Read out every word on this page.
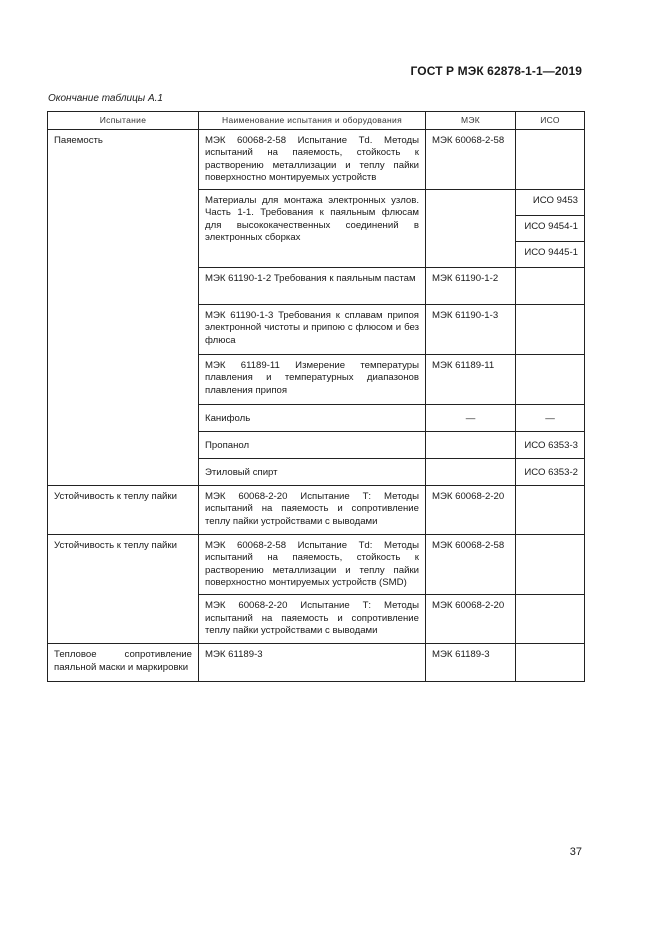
ГОСТ Р МЭК 62878-1-1—2019
Окончание таблицы А.1
Испытание	Наименование испытания и оборудования	МЭК	ИСО

Паяемость	МЭК 60068-2-58 Испытание Td. Методы испытаний на паяемость, стойкость к растворению металлизации и теплу пайки поверхностно монтируемых устройств	МЭК 60068-2-58	

	Материалы для монтажа электронных узлов. Часть 1-1. Требования к паяльным флюсам для высококачественных соединений в электронных сборках		ИСО 9453

			ИСО 9454-1

			ИСО 9445-1

	МЭК 61190-1-2 Требования к паяльным пастам	МЭК 61190-1-2	

	МЭК 61190-1-3 Требования к сплавам припоя электронной чистоты и припою с флюсом и без флюса	МЭК 61190-1-3	

	МЭК 61189-11 Измерение температуры плавления и температурных диапазонов плавления припоя	МЭК 61189-11	

	Канифоль	—	—

	Пропанол		ИСО 6353-3

	Этиловый спирт		ИСО 6353-2

Устойчивость к теплу пайки	МЭК 60068-2-20 Испытание Т: Методы испытаний на паяемость и сопротивление теплу пайки устройствами с выводами	МЭК 60068-2-20	

Устойчивость к теплу пайки	МЭК 60068-2-58 Испытание Td: Методы испытаний на паяемость, стойкость к растворению металлизации и теплу пайки поверхностно монтируемых устройств (SMD)	МЭК 60068-2-58	

	МЭК 60068-2-20 Испытание Т: Методы испытаний на паяемость и сопротивление теплу пайки устройствами с выводами	МЭК 60068-2-20	

Тепловое сопротивление паяльной маски и маркировки	МЭК 61189-3	МЭК 61189-3	

37
